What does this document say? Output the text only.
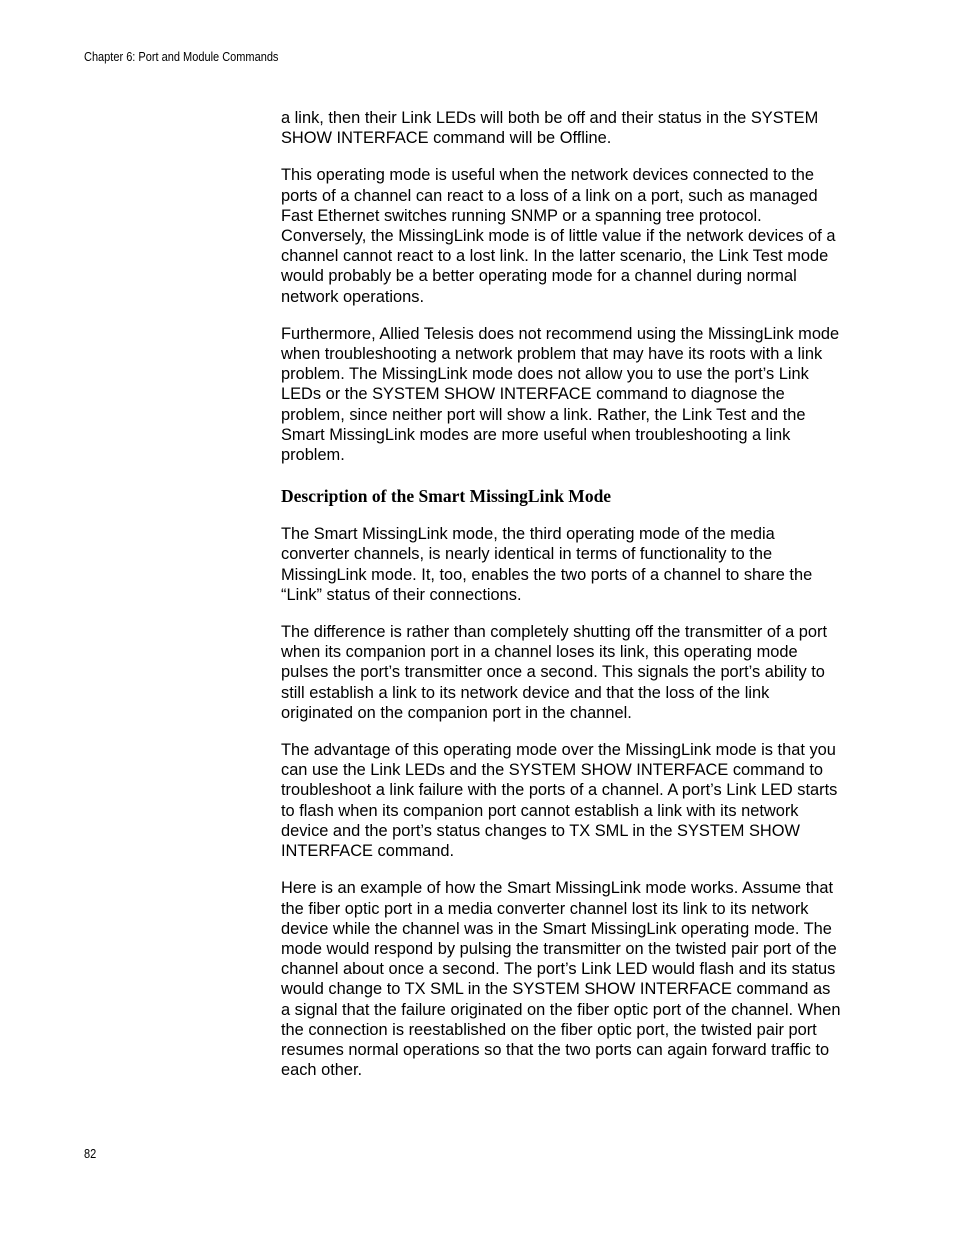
Chapter 6: Port and Module Commands

a link, then their Link LEDs will both be off and their status in the SYSTEM SHOW INTERFACE command will be Offline.

This operating mode is useful when the network devices connected to the ports of a channel can react to a loss of a link on a port, such as managed Fast Ethernet switches running SNMP or a spanning tree protocol. Conversely, the MissingLink mode is of little value if the network devices of a channel cannot react to a lost link. In the latter scenario, the Link Test mode would probably be a better operating mode for a channel during normal network operations.

Furthermore, Allied Telesis does not recommend using the MissingLink mode when troubleshooting a network problem that may have its roots with a link problem. The MissingLink mode does not allow you to use the port’s Link LEDs or the SYSTEM SHOW INTERFACE command to diagnose the problem, since neither port will show a link. Rather, the Link Test and the Smart MissingLink modes are more useful when troubleshooting a link problem.

Description of the Smart MissingLink Mode

The Smart MissingLink mode, the third operating mode of the media converter channels, is nearly identical in terms of functionality to the MissingLink mode. It, too, enables the two ports of a channel to share the “Link” status of their connections.

The difference is rather than completely shutting off the transmitter of a port when its companion port in a channel loses its link, this operating mode pulses the port’s transmitter once a second. This signals the port’s ability to still establish a link to its network device and that the loss of the link originated on the companion port in the channel.

The advantage of this operating mode over the MissingLink mode is that you can use the Link LEDs and the SYSTEM SHOW INTERFACE command to troubleshoot a link failure with the ports of a channel. A port’s Link LED starts to flash when its companion port cannot establish a link with its network device and the port’s status changes to TX SML in the SYSTEM SHOW INTERFACE command.

Here is an example of how the Smart MissingLink mode works. Assume that the fiber optic port in a media converter channel lost its link to its network device while the channel was in the Smart MissingLink operating mode. The mode would respond by pulsing the transmitter on the twisted pair port of the channel about once a second. The port’s Link LED would flash and its status would change to TX SML in the SYSTEM SHOW INTERFACE command as a signal that the failure originated on the fiber optic port of the channel. When the connection is reestablished on the fiber optic port, the twisted pair port resumes normal operations so that the two ports can again forward traffic to each other.

82
